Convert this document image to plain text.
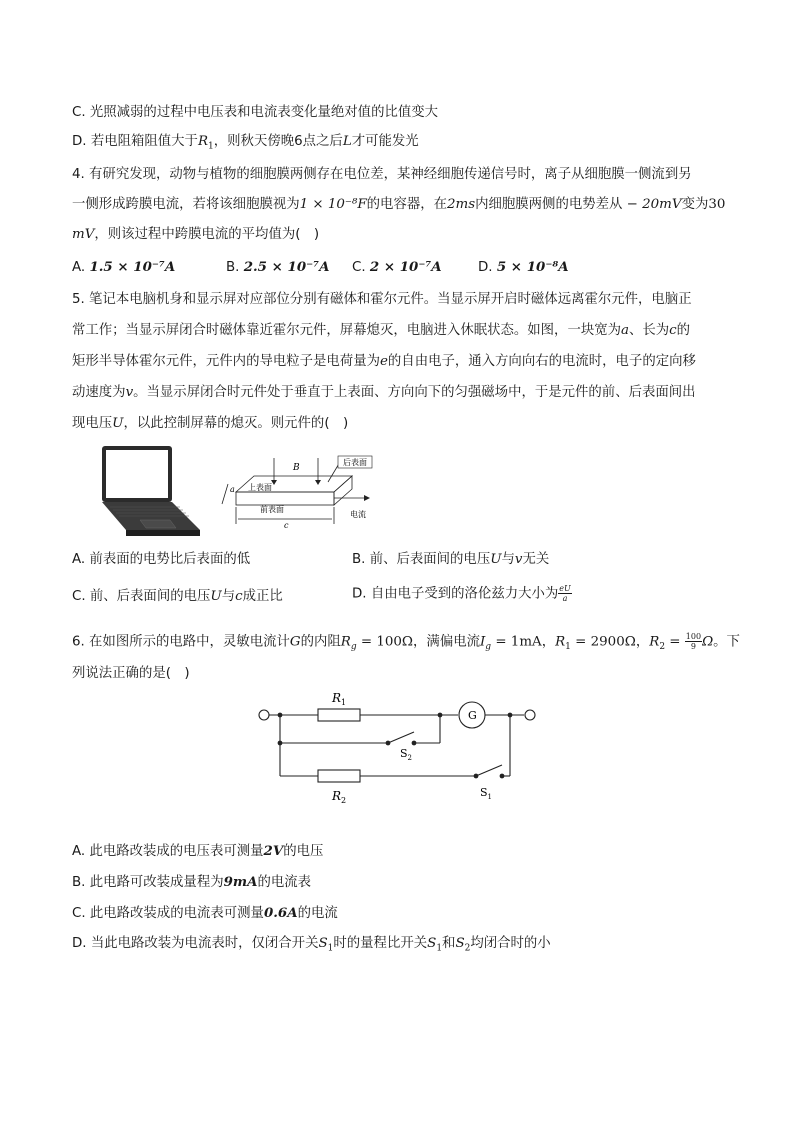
C. 光照减弱的过程中电压表和电流表变化量绝对值的比值变大
D. 若电阻箱阻值大于$R_1$，则秋天傍晚6点之后L才可能发光
4. 有研究发现，动物与植物的细胞膜两侧存在电位差，某神经细胞传递信号时，离子从细胞膜一侧流到另
一侧形成跨膜电流，若将该细胞膜视为1 × 10⁻⁸F的电容器，在2ms内细胞膜两侧的电势差从 − 20mV变为30
mV，则该过程中跨膜电流的平均值为(　)
A. 1.5 × 10⁻⁷A	B. 2.5 × 10⁻⁷A C. 2 × 10⁻⁷A	D. 5 × 10⁻⁸A
5. 笔记本电脑机身和显示屏对应部位分别有磁体和霍尔元件。当显示屏开启时磁体远离霍尔元件，电脑正
常工作；当显示屏闭合时磁体靠近霍尔元件，屏幕熄灭，电脑进入休眠状态。如图，一块宽为a、长为c的
矩形半导体霍尔元件，元件内的导电粒子是电荷量为e的自由电子，通入方向向右的电流时，电子的定向移
动速度为v。当显示屏闭合时元件处于垂直于上表面、方向向下的匀强磁场中，于是元件的前、后表面间出
现电压U，以此控制屏幕的熄灭。则元件的(　)
后表面
B
上表面
前表面
a
c
电流
A. 前表面的电势比后表面的低	B. 前、后表面间的电压U与v无关
C. 前、后表面间的电压U与c成正比	D. 自由电子受到的洛伦兹力大小为 $\frac{eU}{a}$
6. 在如图所示的电路中，灵敏电流计G的内阻$R_g = 100\Omega$，满偏电流$I_g = 1mA$，$R_1 = 2900\Omega$，$R_2 = \frac{100}{9}$ Ω。下
列说法正确的是(　)
$R_1$
G
$S_2$
$R_2$
$S_1$
A. 此电路改装成的电压表可测量2V的电压
B. 此电路可改装成量程为9mA的电流表
C. 此电路改装成的电流表可测量0.6A的电流
D. 当此电路改装为电流表时，仅闭合开关$S_1$时的量程比开关$S_1$和$S_2$均闭合时的小
